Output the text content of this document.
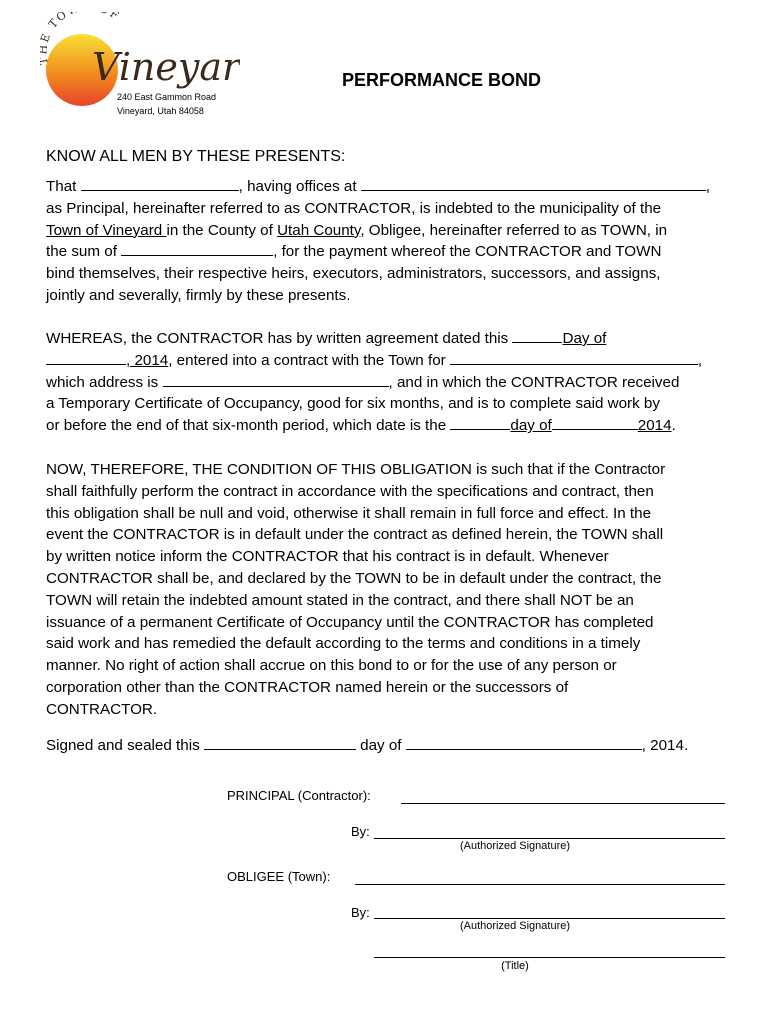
TO F
Vineyar
240 East Gammon Road
Vineyard, Utah 84058
PERFORMANCE BOND
KNOW ALL MEN BY THESE PRESENTS:
That	, having offices at	,
as Principal, hereinafter referred to as CONTRACTOR, is indebted to the municipality of the
Town of Vineyard in the County of Utah County, Obligee, hereinafter referred to as TOWN, in
the sum of	, for the payment whereof the CONTRACTOR and TOWN
bind themselves, their respective heirs, executors, administrators, successors, and assigns,
jointly and severally, firmly by these presents.
WHEREAS, the CONTRACTOR has by written agreement dated this	Day of
, 2014, entered into a contract with the Town for	,
which address is	, and in which the CONTRACTOR received
a Temporary Certificate of Occupancy, good for six months, and is to complete said work by
or before the end of that six-month period, which date is the	day of	2014.
NOW, THEREFORE, THE CONDITION OF THIS OBLIGATION is such that if the Contractor
shall faithfully perform the contract in accordance with the specifications and contract, then
this obligation shall be null and void, otherwise it shall remain in full force and effect. In the
event the CONTRACTOR is in default under the contract as defined herein, the TOWN shall
by written notice inform the CONTRACTOR that his contract is in default. Whenever
CONTRACTOR shall be, and declared by the TOWN to be in default under the contract, the
TOWN will retain the indebted amount stated in the contract, and there shall NOT be an
issuance of a permanent Certificate of Occupancy until the CONTRACTOR has completed
said work and has remedied the default according to the terms and conditions in a timely
manner. No right of action shall accrue on this bond to or for the use of any person or
corporation other than the CONTRACTOR named herein or the successors of
CONTRACTOR.
Signed and sealed this	day of	, 2014.
PRINCIPAL (Contractor):
By:
(Authorized Signature)
OBLIGEE (Town):
By:
(Authorized Signature)
(Title)
